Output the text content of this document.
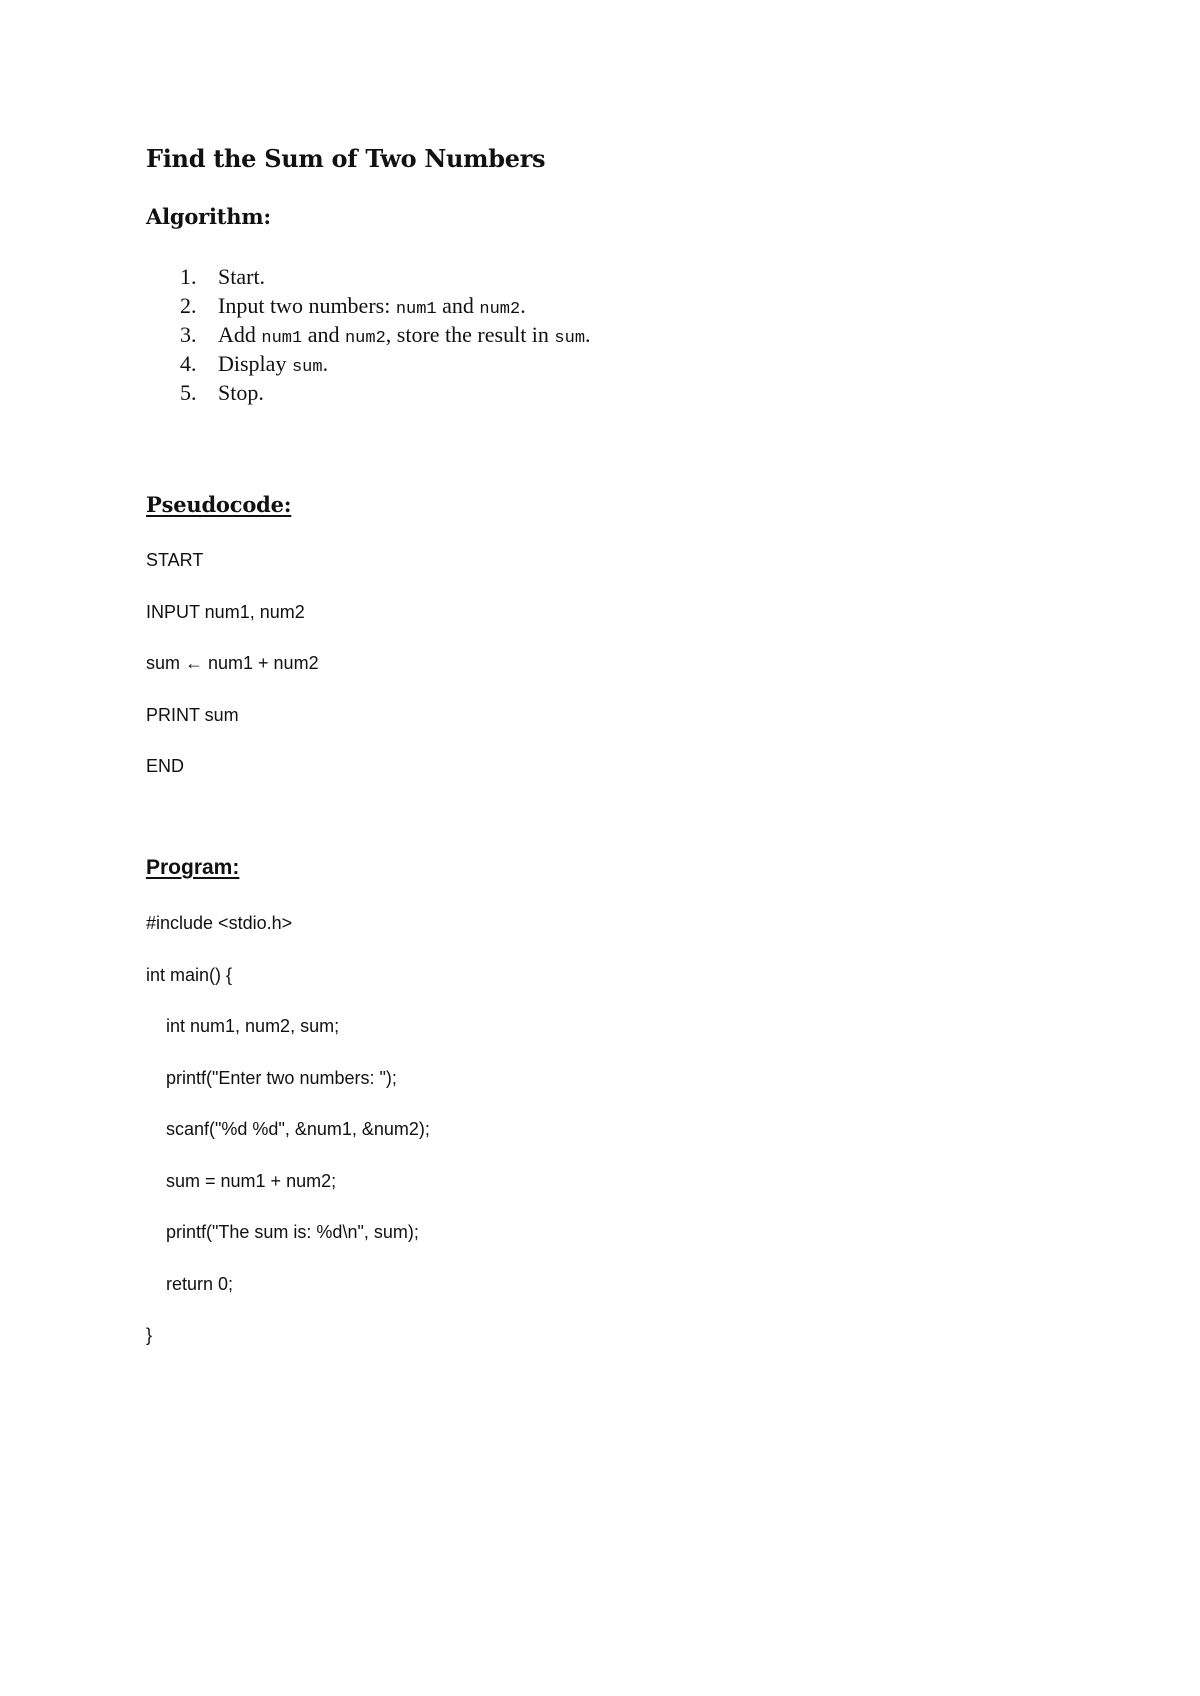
Find the Sum of Two Numbers
Algorithm:
1. Start.
2. Input two numbers: num1 and num2.
3. Add num1 and num2, store the result in sum.
4. Display sum.
5. Stop.
Pseudocode:
START
INPUT num1, num2
sum ← num1 + num2
PRINT sum
END
Program:
#include <stdio.h>
int main() {
int num1, num2, sum;
printf("Enter two numbers: ");
scanf("%d %d", &num1, &num2);
sum = num1 + num2;
printf("The sum is: %d\n", sum);
return 0;
}
